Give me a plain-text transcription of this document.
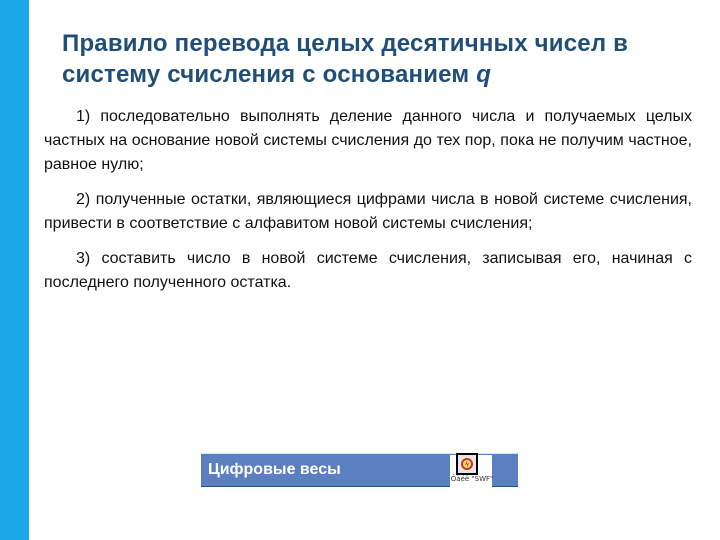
Правило перевода целых десятичных чисел в систему счисления с основанием q

1) последовательно выполнять деление данного числа и получаемых целых частных на основание новой системы счисления до тех пор, пока не получим частное, равное нулю;

2) полученные остатки, являющиеся цифрами числа в новой системе счисления, привести в соответствие с алфавитом новой системы счисления;

3) составить число в новой системе счисления, записывая его, начиная с последнего полученного остатка.

Цифровые весы
Ôàéë "SWF"
